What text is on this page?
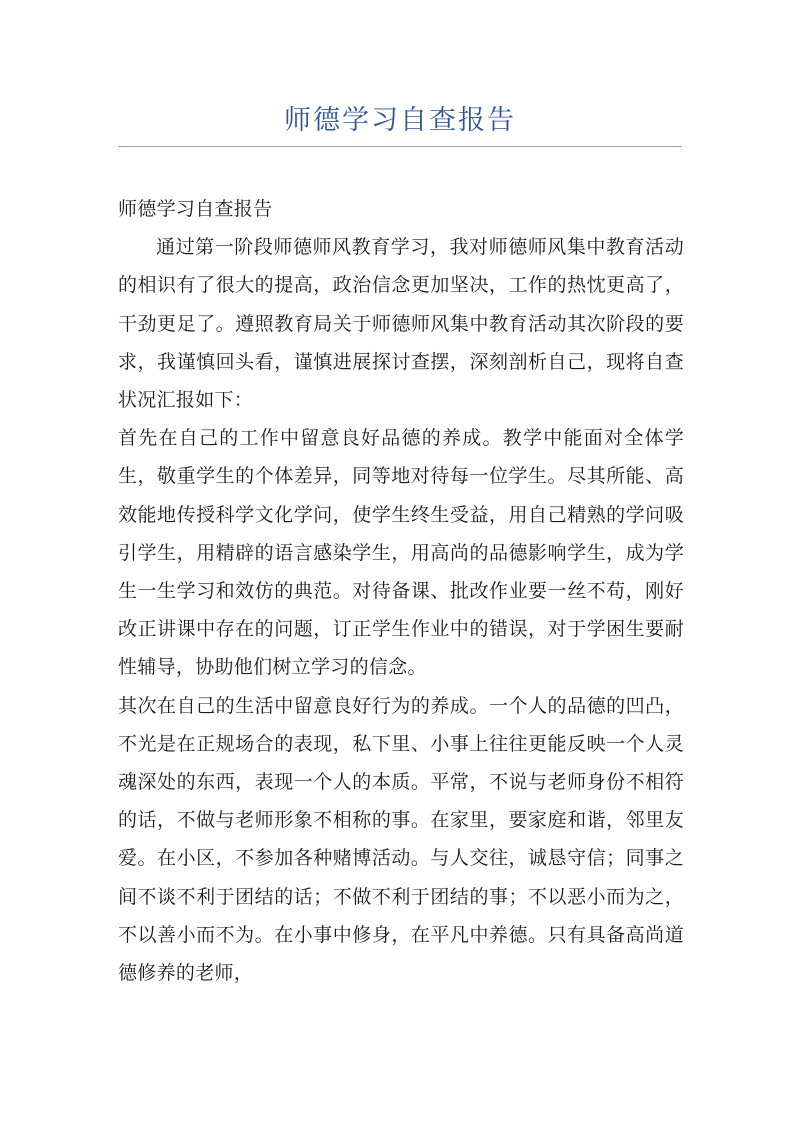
师德学习自查报告

师德学习自查报告

通过第一阶段师德师风教育学习，我对师德师风集中教育活动的相识有了很大的提高，政治信念更加坚决，工作的热忱更高了，干劲更足了。遵照教育局关于师德师风集中教育活动其次阶段的要求，我谨慎回头看，谨慎进展探讨查摆，深刻剖析自己，现将自查状况汇报如下：

首先在自己的工作中留意良好品德的养成。教学中能面对全体学生，敬重学生的个体差异，同等地对待每一位学生。尽其所能、高效能地传授科学文化学问，使学生终生受益，用自己精熟的学问吸引学生，用精辟的语言感染学生，用高尚的品德影响学生，成为学生一生学习和效仿的典范。对待备课、批改作业要一丝不苟，刚好改正讲课中存在的问题，订正学生作业中的错误，对于学困生要耐性辅导，协助他们树立学习的信念。

其次在自己的生活中留意良好行为的养成。一个人的品德的凹凸，不光是在正规场合的表现，私下里、小事上往往更能反映一个人灵魂深处的东西，表现一个人的本质。平常，不说与老师身份不相符的话，不做与老师形象不相称的事。在家里，要家庭和谐，邻里友爱。在小区，不参加各种赌博活动。与人交往，诚恳守信；同事之间不谈不利于团结的话；不做不利于团结的事；不以恶小而为之，不以善小而不为。在小事中修身，在平凡中养德。只有具备高尚道德修养的老师，
